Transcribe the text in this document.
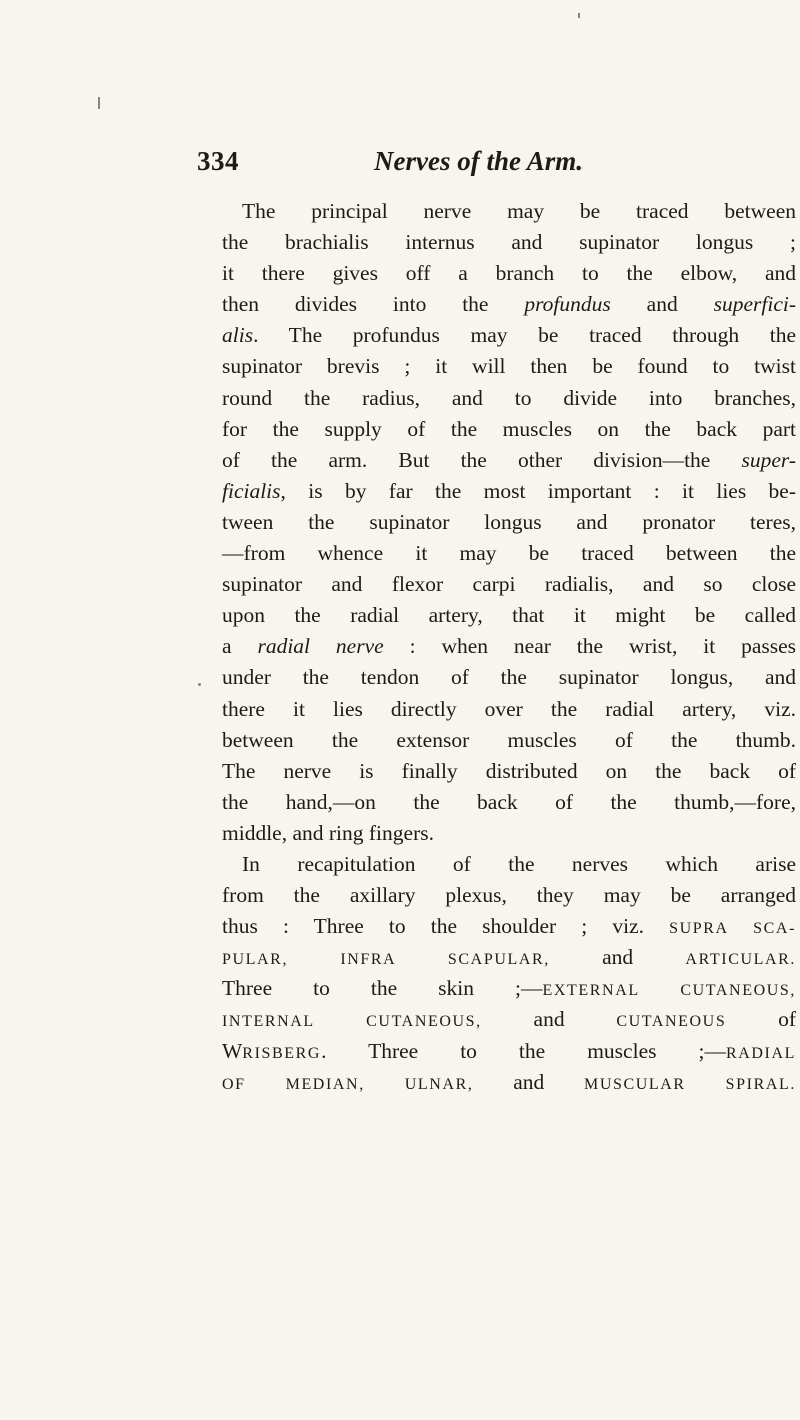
334	Nerves of the Arm.
The principal nerve may be traced between
the brachialis internus and supinator longus ;
it there gives off a branch to the elbow, and
then divides into the profundus and superfici-
alis. The profundus may be traced through the
supinator brevis ; it will then be found to twist
round the radius, and to divide into branches,
for the supply of the muscles on the back part
of the arm. But the other division—the super-
ficialis, is by far the most important : it lies be-
tween the supinator longus and pronator teres,
—from whence it may be traced between the
supinator and flexor carpi radialis, and so close
upon the radial artery, that it might be called
a radial nerve : when near the wrist, it passes
under the tendon of the supinator longus, and
there it lies directly over the radial artery, viz.
between the extensor muscles of the thumb.
The nerve is finally distributed on the back of
the hand,—on the back of the thumb,—fore,
middle, and ring fingers.
In recapitulation of the nerves which arise
from the axillary plexus, they may be arranged
thus : Three to the shoulder ; viz. SUPRA SCA-
PULAR,	INFRA SCAPULAR, and ARTICULAR.
Three to the skin ;—EXTERNAL CUTANEOUS,
INTERNAL CUTANEOUS, and CUTANEOUS of
WRISBERG. Three to the muscles ;—RADIAL
OF MEDIAN, ULNAR, and MUSCULAR SPIRAL.
